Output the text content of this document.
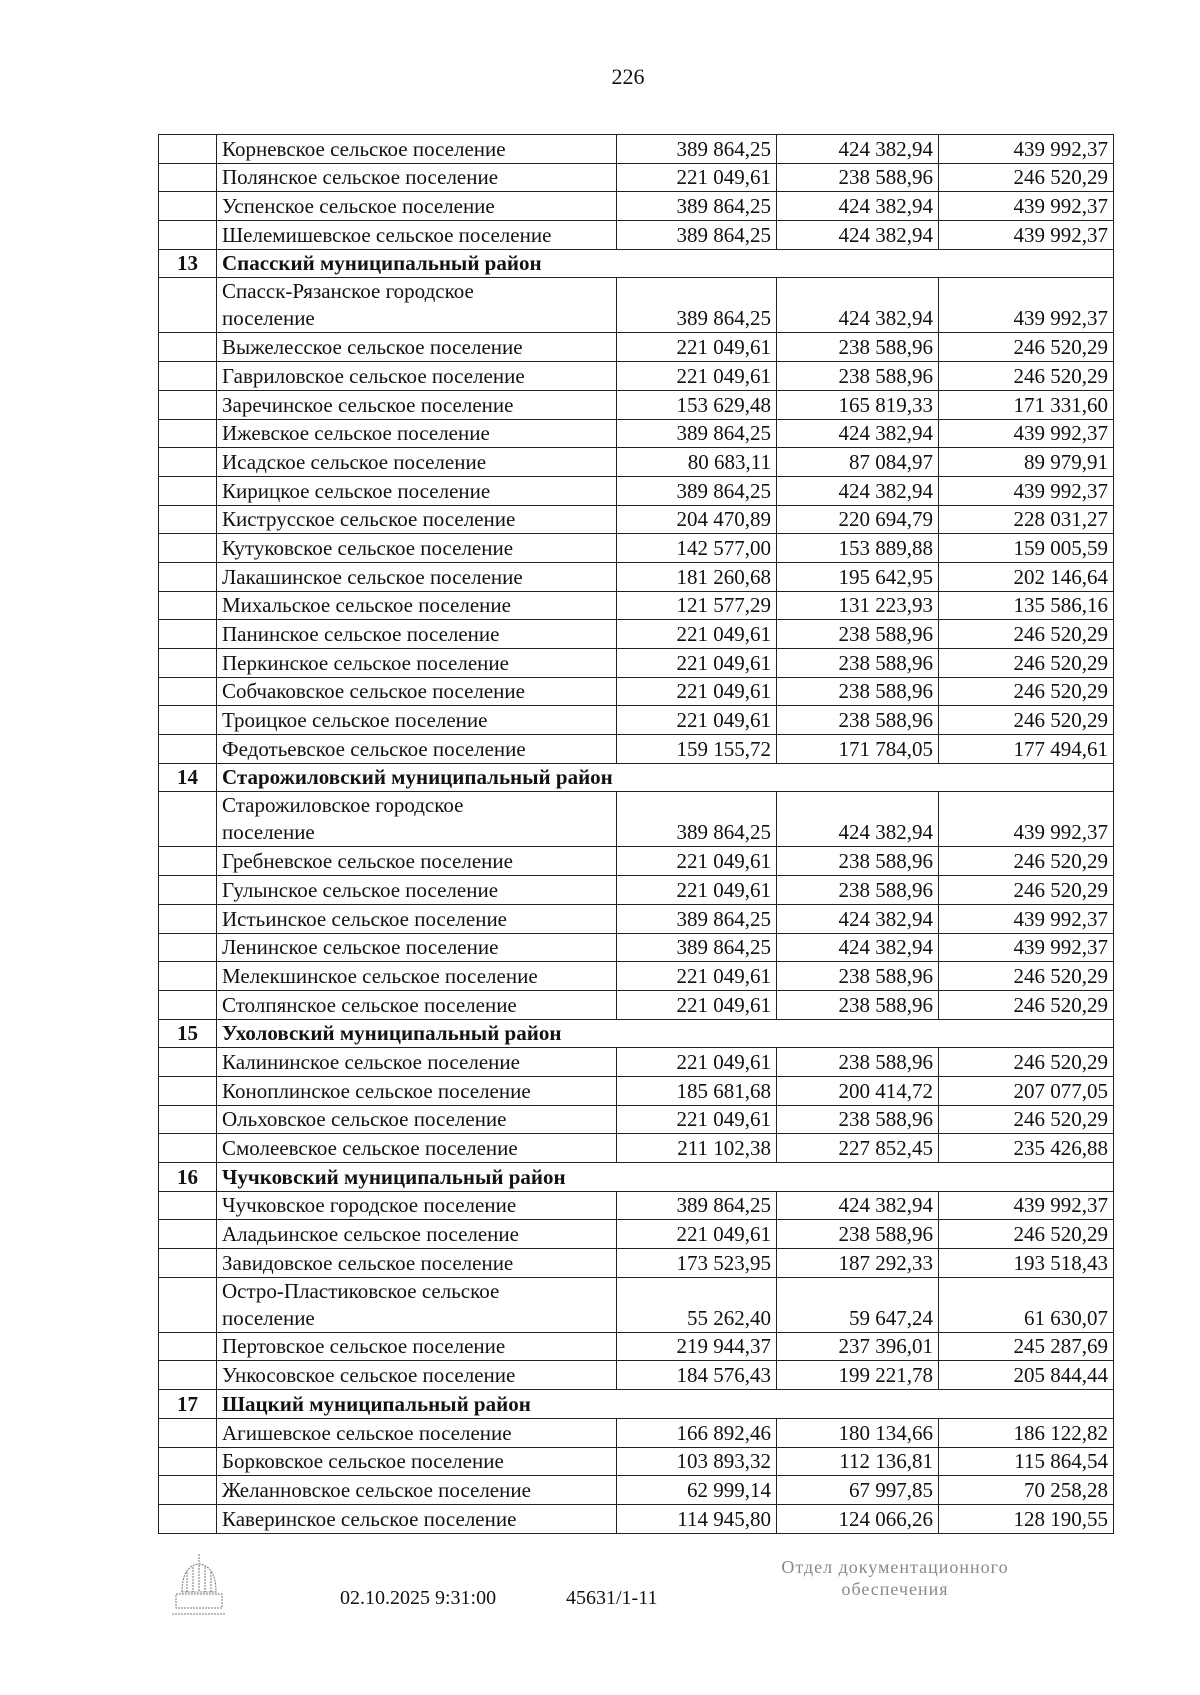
226
	Корневское сельское поселение	389 864,25	424 382,94	439 992,37
	Полянское сельское поселение	221 049,61	238 588,96	246 520,29
	Успенское сельское поселение	389 864,25	424 382,94	439 992,37
	Шелемишевское сельское поселение	389 864,25	424 382,94	439 992,37
13	Спасский муниципальный район			
	Спасск-Рязанское городское
поселение	389 864,25	424 382,94	439 992,37
	Выжелесское сельское поселение	221 049,61	238 588,96	246 520,29
	Гавриловское сельское поселение	221 049,61	238 588,96	246 520,29
	Заречинское сельское поселение	153 629,48	165 819,33	171 331,60
	Ижевское сельское поселение	389 864,25	424 382,94	439 992,37
	Исадское сельское поселение	80 683,11	87 084,97	89 979,91
	Кирицкое сельское поселение	389 864,25	424 382,94	439 992,37
	Киструсское сельское поселение	204 470,89	220 694,79	228 031,27
	Кутуковское сельское поселение	142 577,00	153 889,88	159 005,59
	Лакашинское сельское поселение	181 260,68	195 642,95	202 146,64
	Михальское сельское поселение	121 577,29	131 223,93	135 586,16
	Панинское сельское поселение	221 049,61	238 588,96	246 520,29
	Перкинское сельское поселение	221 049,61	238 588,96	246 520,29
	Собчаковское сельское поселение	221 049,61	238 588,96	246 520,29
	Троицкое сельское поселение	221 049,61	238 588,96	246 520,29
	Федотьевское сельское поселение	159 155,72	171 784,05	177 494,61
14	Старожиловский муниципальный район			
	Старожиловское городское
поселение	389 864,25	424 382,94	439 992,37
	Гребневское сельское поселение	221 049,61	238 588,96	246 520,29
	Гулынское сельское поселение	221 049,61	238 588,96	246 520,29
	Истьинское сельское поселение	389 864,25	424 382,94	439 992,37
	Ленинское сельское поселение	389 864,25	424 382,94	439 992,37
	Мелекшинское сельское поселение	221 049,61	238 588,96	246 520,29
	Столпянское сельское поселение	221 049,61	238 588,96	246 520,29
15	Ухоловский муниципальный район			
	Калининское сельское поселение	221 049,61	238 588,96	246 520,29
	Коноплинское сельское поселение	185 681,68	200 414,72	207 077,05
	Ольховское сельское поселение	221 049,61	238 588,96	246 520,29
	Смолеевское сельское поселение	211 102,38	227 852,45	235 426,88
16	Чучковский муниципальный район			
	Чучковское городское поселение	389 864,25	424 382,94	439 992,37
	Аладьинское сельское поселение	221 049,61	238 588,96	246 520,29
	Завидовское сельское поселение	173 523,95	187 292,33	193 518,43
	Остро-Пластиковское сельское
поселение	55 262,40	59 647,24	61 630,07
	Пертовское сельское поселение	219 944,37	237 396,01	245 287,69
	Ункосовское сельское поселение	184 576,43	199 221,78	205 844,44
17	Шацкий муниципальный район			
	Агишевское сельское поселение	166 892,46	180 134,66	186 122,82
	Борковское сельское поселение	103 893,32	112 136,81	115 864,54
	Желанновское сельское поселение	62 999,14	67 997,85	70 258,28
	Каверинское сельское поселение	114 945,80	124 066,26	128 190,55
02.10.2025 9:31:00	45631/1-11
Отдел документационного
обеспечения
